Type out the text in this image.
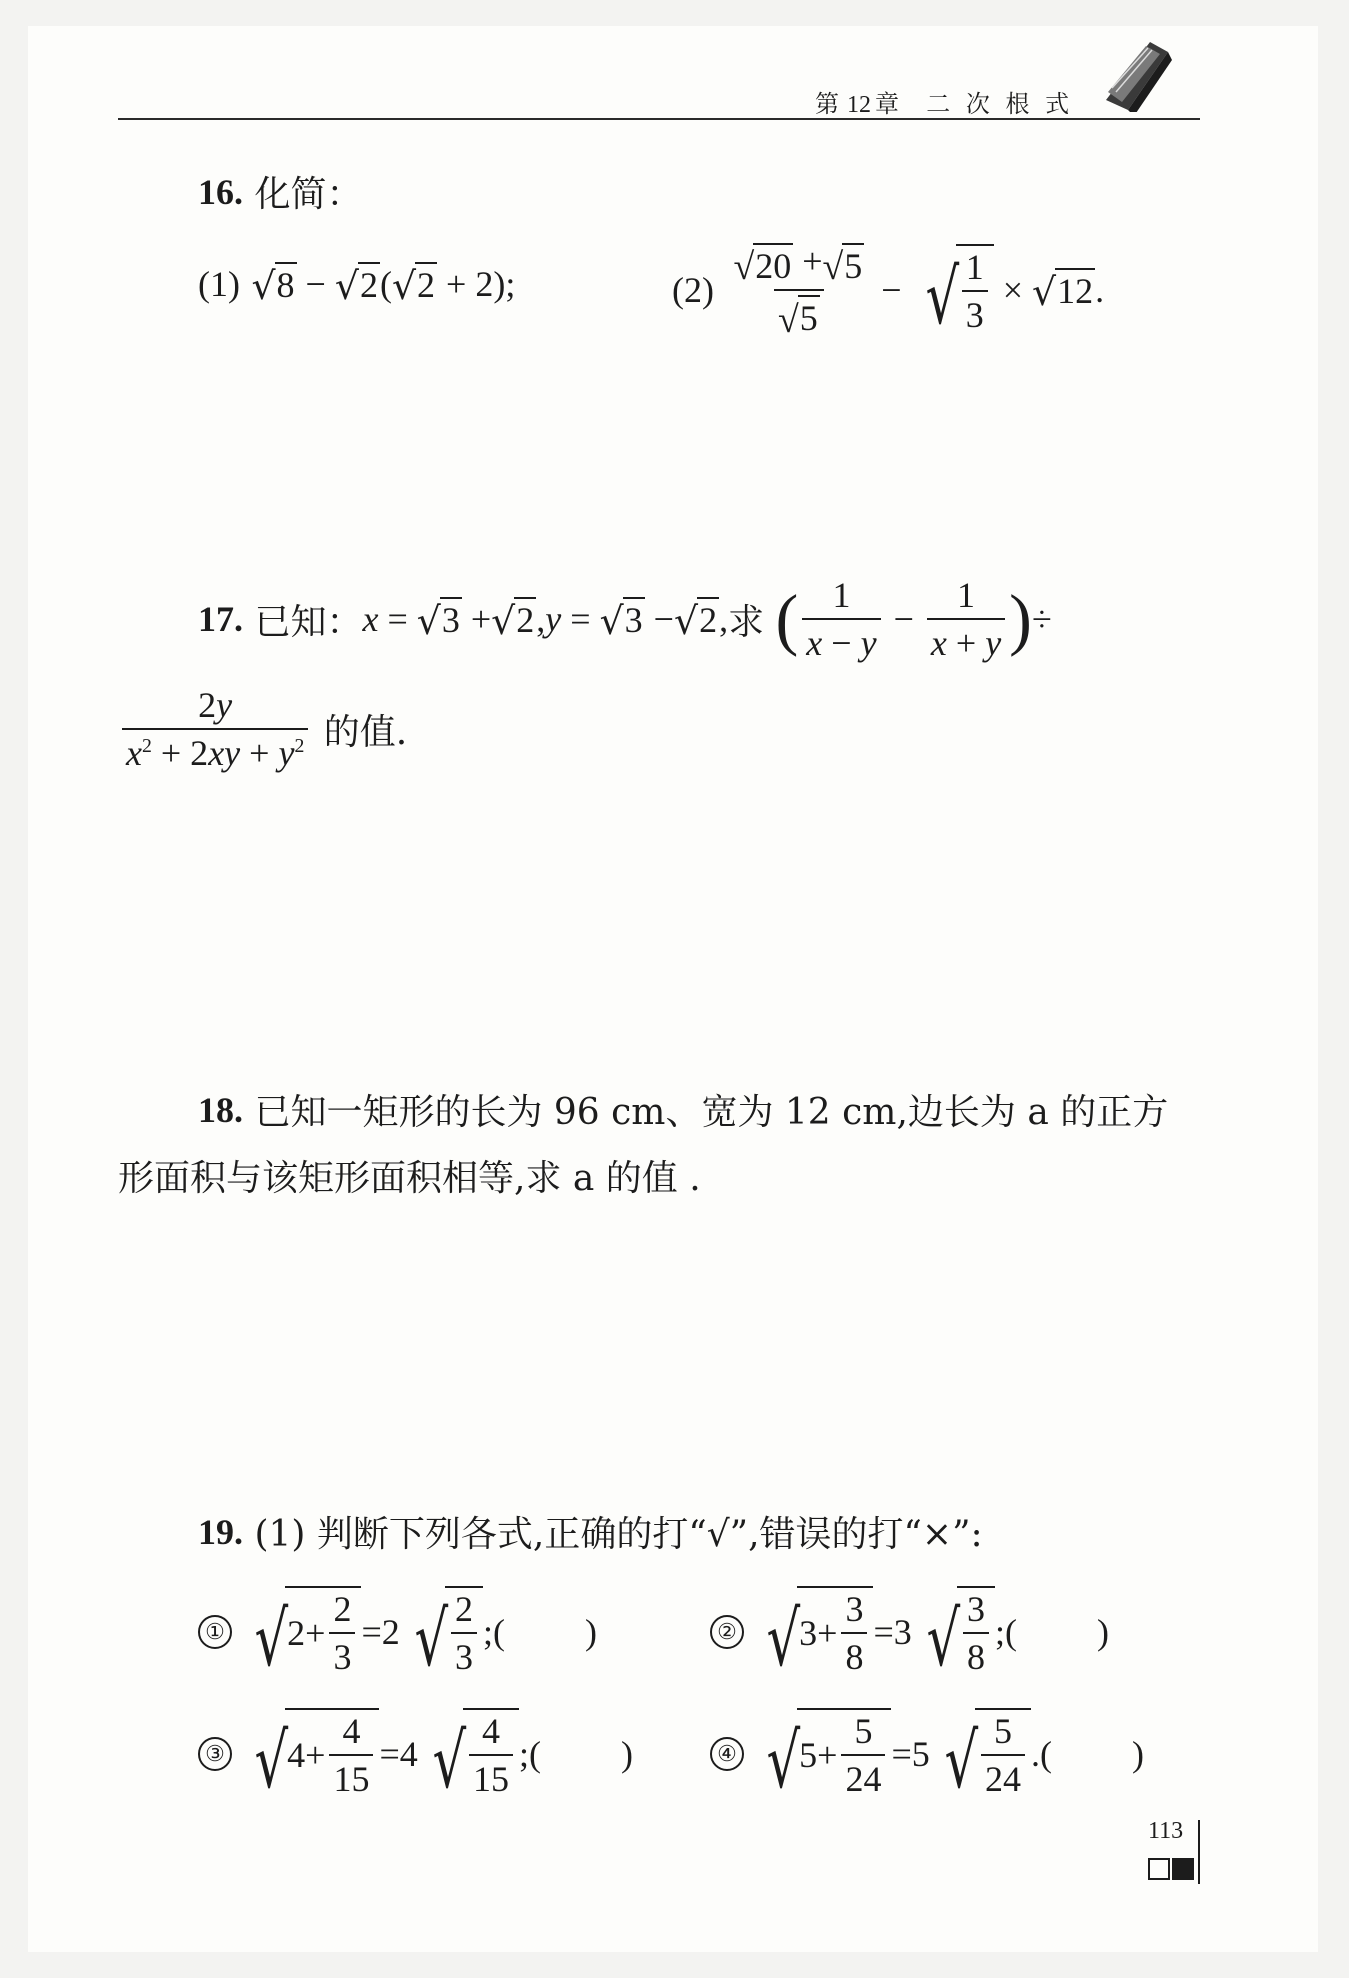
第 12 章 二 次 根 式
16.
化简：
(1)
√ 8 − √ 2 ( √ 2 + 2);	(2)
$\frac{√ 20 + √ 5}{√ 5}$ − √ $\frac{1}{3}$ × √ 12 .
17.
已知： x = √ 3 + √ 2 , y = √ 3 − √ 2 , 求 ( $\frac{1}{x - y} - \frac{1}{x + y}$ ) ÷
$\frac{2y}{x^2 + 2xy + y^2}$
的值.
18.
已知一矩形的长为 96 cm、宽为 12 cm,边长为 a 的正方
形面积与该矩形面积相等,求 a 的值 .
19.
(1) 判断下列各式,正确的打“√”,错误的打“×”:
① √ $2 + \frac{2}{3} = 2$ √ $\frac{2}{3}$ ;( )	② √ $3 + \frac{3}{8} = 3$ √ $\frac{3}{8}$ ;( )
③ √ $4 + \frac{4}{15} = 4$ √ $\frac{4}{15}$ ;( )	④ √ $5 + \frac{5}{24} = 5$ √ $\frac{5}{24}$ .( )
113
